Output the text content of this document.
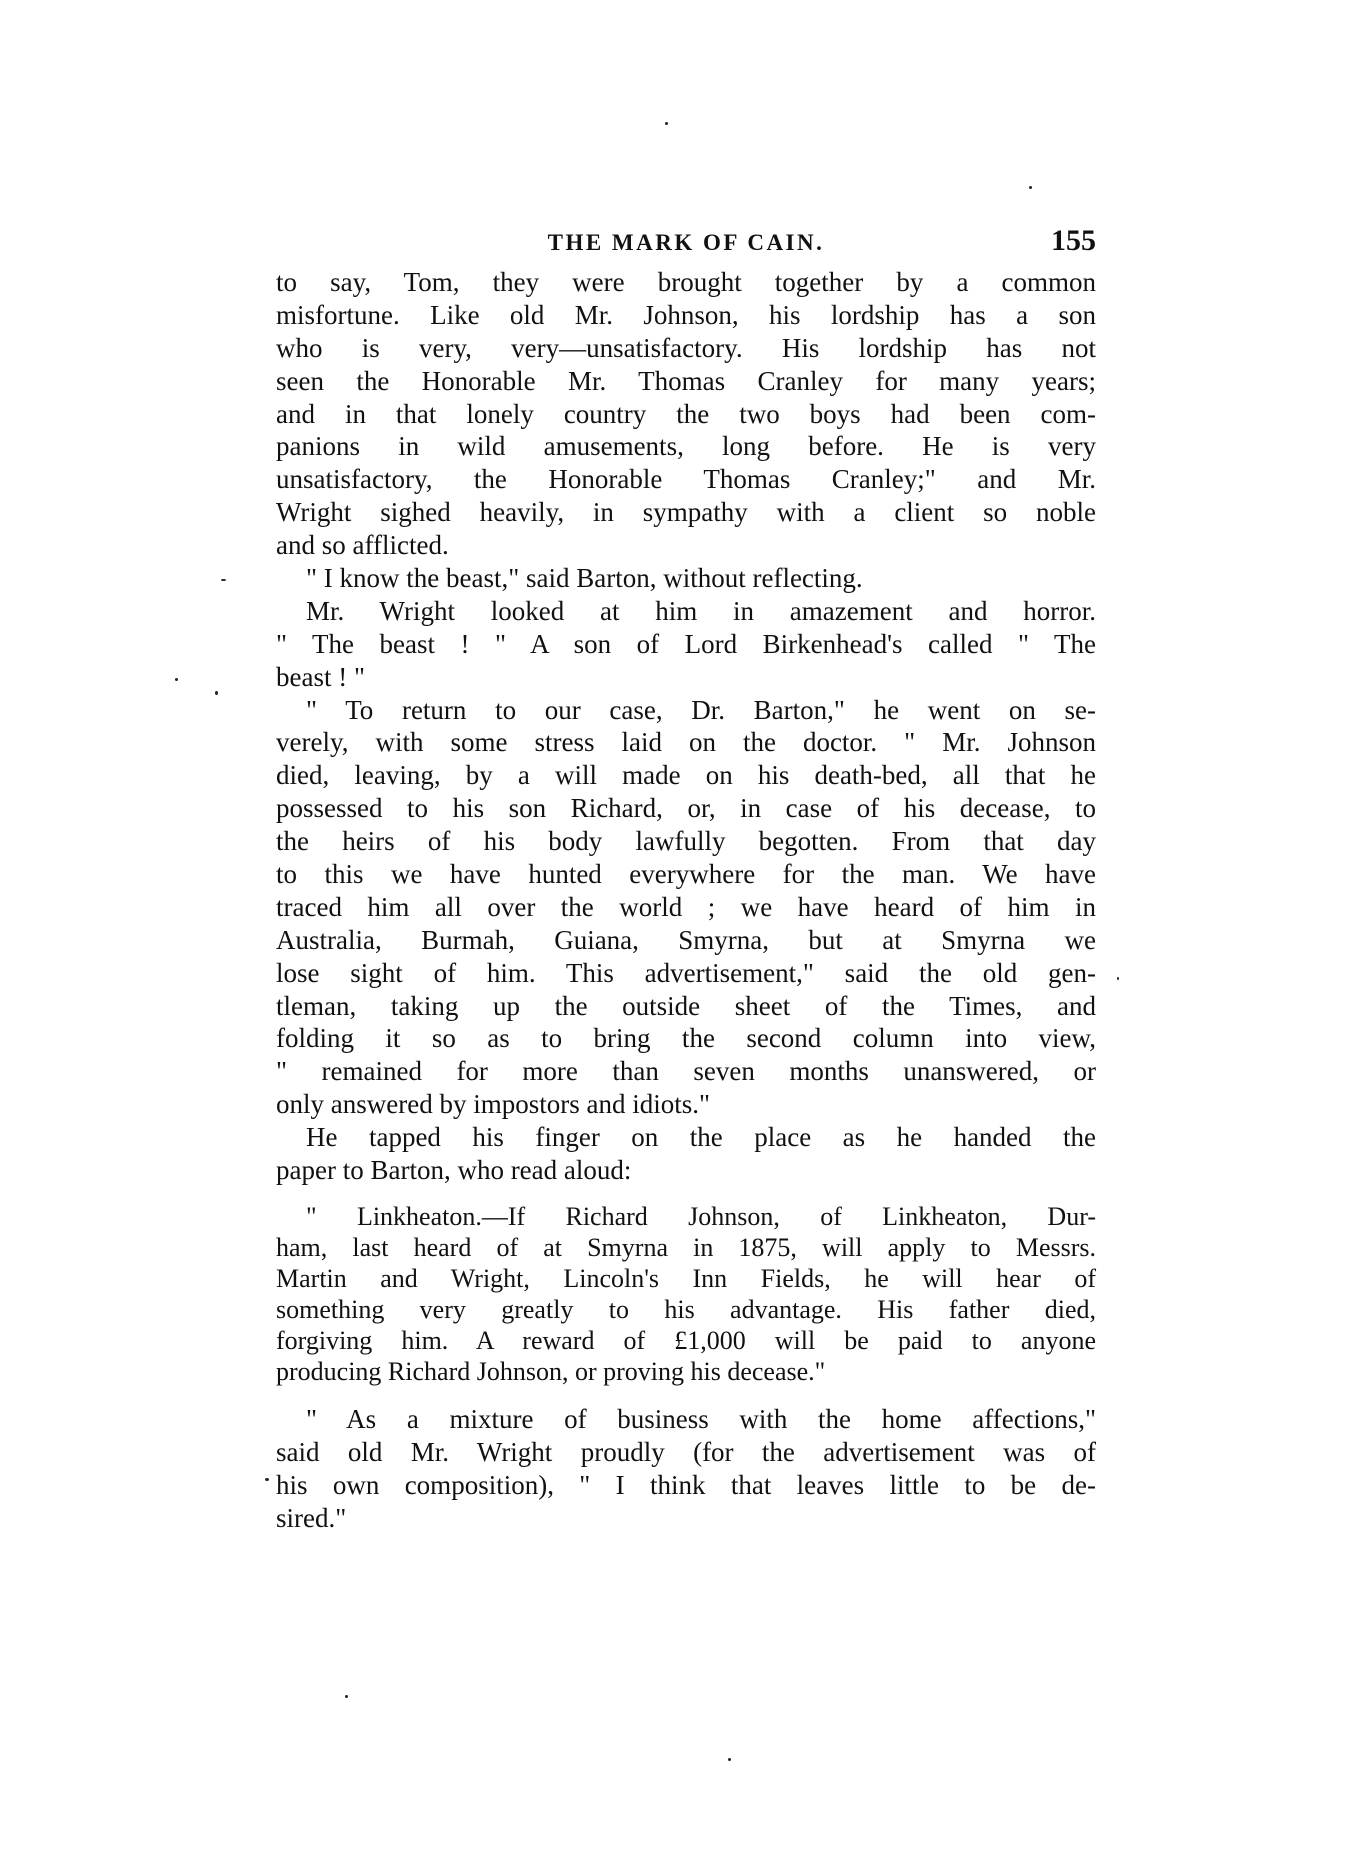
THE MARK OF CAIN.	155
to say, Tom, they were brought together by a common
misfortune. Like old Mr. Johnson, his lordship has a son
who is very, very—unsatisfactory. His lordship has not
seen the Honorable Mr. Thomas Cranley for many years;
and in that lonely country the two boys had been com-
panions in wild amusements, long before. He is very
unsatisfactory, the Honorable Thomas Cranley;" and Mr.
Wright sighed heavily, in sympathy with a client so noble
and so afflicted.
" I know the beast," said Barton, without reflecting.
Mr. Wright looked at him in amazement and horror.
" The beast ! " A son of Lord Birkenhead's called " The
beast ! "
" To return to our case, Dr. Barton," he went on se-
verely, with some stress laid on the doctor. " Mr. Johnson
died, leaving, by a will made on his death-bed, all that he
possessed to his son Richard, or, in case of his decease, to
the heirs of his body lawfully begotten. From that day
to this we have hunted everywhere for the man. We have
traced him all over the world ; we have heard of him in
Australia, Burmah, Guiana, Smyrna, but at Smyrna we
lose sight of him. This advertisement," said the old gen-
tleman, taking up the outside sheet of the Times, and
folding it so as to bring the second column into view,
" remained for more than seven months unanswered, or
only answered by impostors and idiots."
He tapped his finger on the place as he handed the
paper to Barton, who read aloud:
" Linkheaton.—If Richard Johnson, of Linkheaton, Dur-
ham, last heard of at Smyrna in 1875, will apply to Messrs.
Martin and Wright, Lincoln's Inn Fields, he will hear of
something very greatly to his advantage. His father died,
forgiving him. A reward of £1,000 will be paid to anyone
producing Richard Johnson, or proving his decease."
" As a mixture of business with the home affections,"
said old Mr. Wright proudly (for the advertisement was of
his own composition), " I think that leaves little to be de-
sired."
